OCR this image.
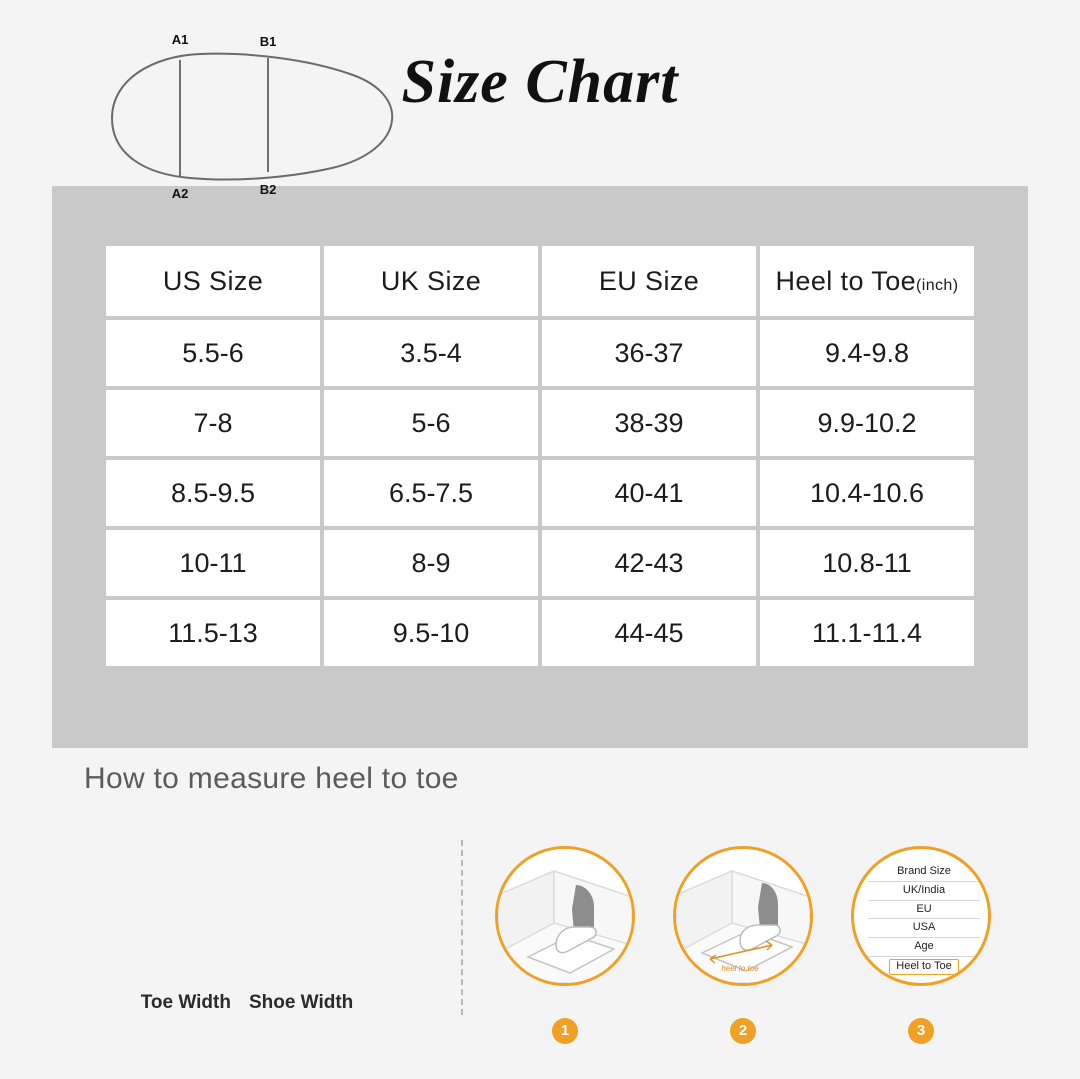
Size Chart
US Size	UK Size	EU Size	Heel to Toe(inch)
5.5-6	3.5-4	36-37	9.4-9.8
7-8	5-6	38-39	9.9-10.2
8.5-9.5	6.5-7.5	40-41	10.4-10.6
10-11	8-9	42-43	10.8-11
11.5-13	9.5-10	44-45	11.1-11.4
How to measure heel to toe
A1
A2
B1
B2
Toe Width Shoe Width
1
heel to toe
2
Brand Size
UK/India
EU
USA
Age
Heel to Toe
3
